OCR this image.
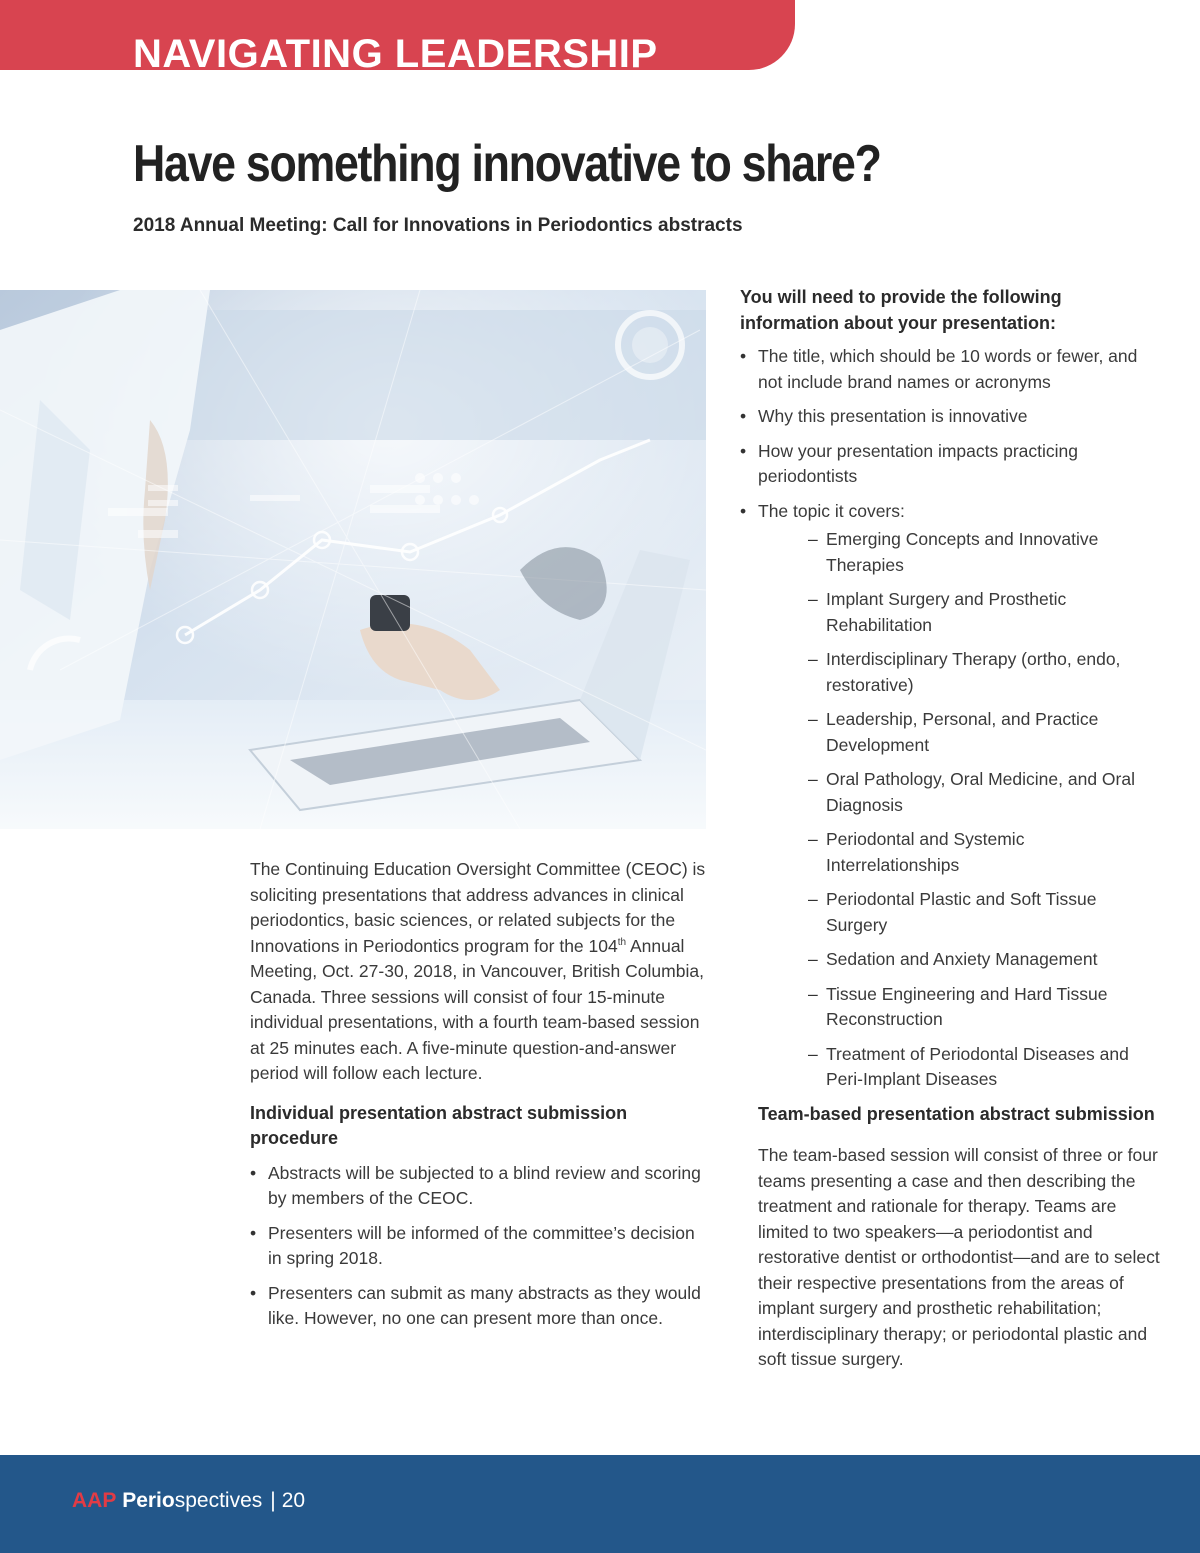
NAVIGATING LEADERSHIP
Have something innovative to share?
2018 Annual Meeting: Call for Innovations in Periodontics abstracts

The Continuing Education Oversight Committee (CEOC) is soliciting presentations that address advances in clinical periodontics, basic sciences, or related subjects for the Innovations in Periodontics program for the 104th Annual Meeting, Oct. 27-30, 2018, in Vancouver, British Columbia, Canada. Three sessions will consist of four 15-minute individual presentations, with a fourth team-based session at 25 minutes each. A five-minute question-and-answer period will follow each lecture.

Individual presentation abstract submission procedure
• Abstracts will be subjected to a blind review and scoring by members of the CEOC.
• Presenters will be informed of the committee’s decision in spring 2018.
• Presenters can submit as many abstracts as they would like. However, no one can present more than once.
You will need to provide the following information about your presentation:
• The title, which should be 10 words or fewer, and not include brand names or acronyms
• Why this presentation is innovative
• How your presentation impacts practicing periodontists
• The topic it covers:
– Emerging Concepts and Innovative Therapies
– Implant Surgery and Prosthetic Rehabilitation
– Interdisciplinary Therapy (ortho, endo, restorative)
– Leadership, Personal, and Practice Development
– Oral Pathology, Oral Medicine, and Oral Diagnosis
– Periodontal and Systemic Interrelationships
– Periodontal Plastic and Soft Tissue Surgery
– Sedation and Anxiety Management
– Tissue Engineering and Hard Tissue Reconstruction
– Treatment of Periodontal Diseases and Peri-Implant Diseases
Team-based presentation abstract submission

The team-based session will consist of three or four teams presenting a case and then describing the treatment and rationale for therapy. Teams are limited to two speakers—a periodontist and restorative dentist or orthodontist—and are to select their respective presentations from the areas of implant surgery and prosthetic rehabilitation; interdisciplinary therapy; or periodontal plastic and soft tissue surgery.

AAP Periospectives | 20
